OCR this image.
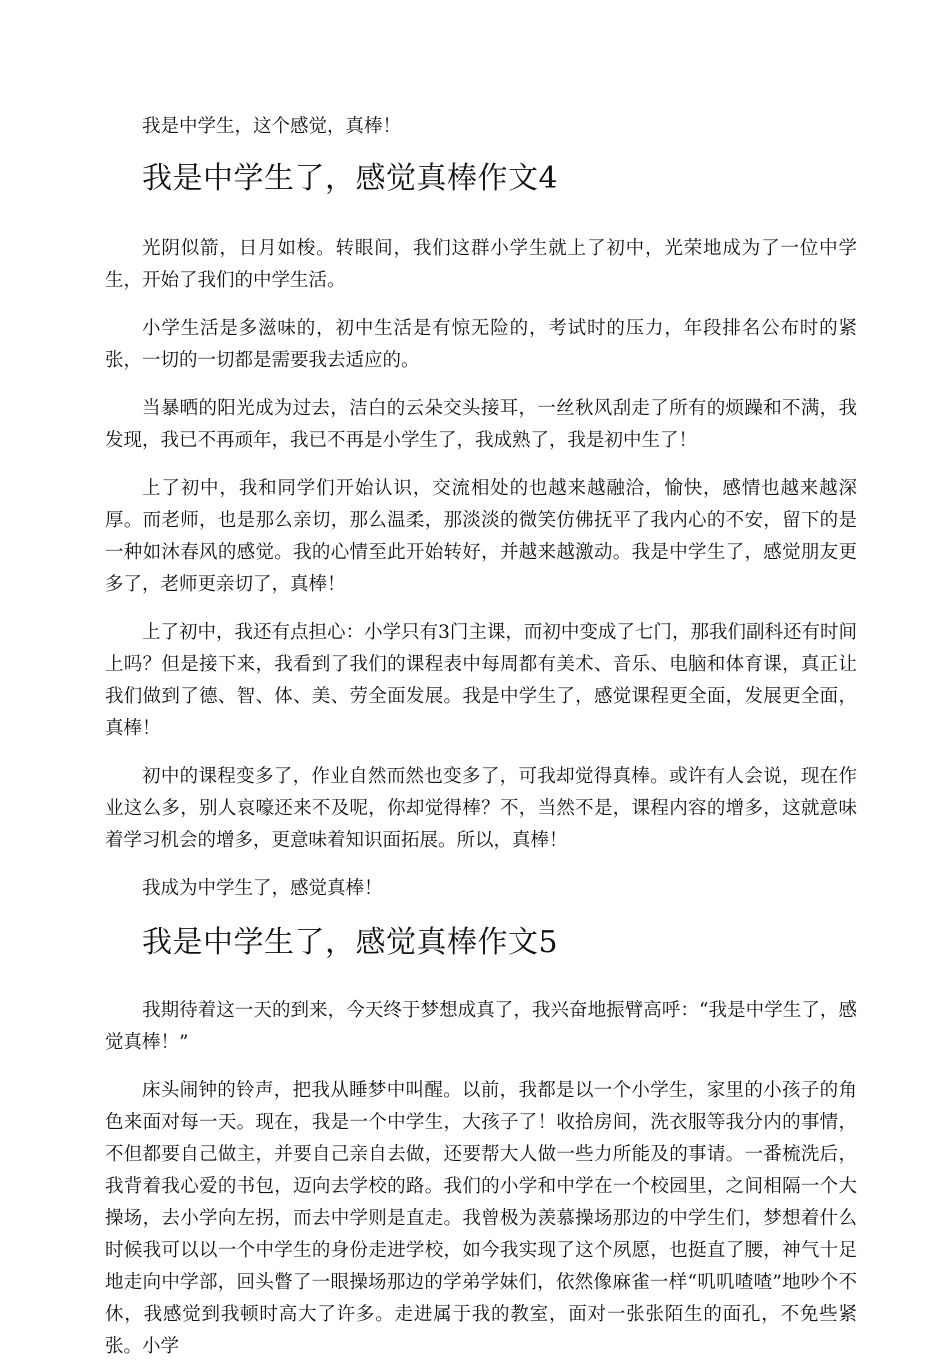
我是中学生，这个感觉，真棒！

我是中学生了，感觉真棒作文4

光阴似箭，日月如梭。转眼间，我们这群小学生就上了初中，光荣地成为了一位中学生，开始了我们的中学生活。

小学生活是多滋味的，初中生活是有惊无险的，考试时的压力，年段排名公布时的紧张，一切的一切都是需要我去适应的。

当暴晒的阳光成为过去，洁白的云朵交头接耳，一丝秋风刮走了所有的烦躁和不满，我发现，我已不再顽年，我已不再是小学生了，我成熟了，我是初中生了！

上了初中，我和同学们开始认识，交流相处的也越来越融洽，愉快，感情也越来越深厚。而老师，也是那么亲切，那么温柔，那淡淡的微笑仿佛抚平了我内心的不安，留下的是一种如沐春风的感觉。我的心情至此开始转好，并越来越激动。我是中学生了，感觉朋友更多了，老师更亲切了，真棒！

上了初中，我还有点担心：小学只有3门主课，而初中变成了七门，那我们副科还有时间上吗？但是接下来，我看到了我们的课程表中每周都有美术、音乐、电脑和体育课，真正让我们做到了德、智、体、美、劳全面发展。我是中学生了，感觉课程更全面，发展更全面，真棒！

初中的课程变多了，作业自然而然也变多了，可我却觉得真棒。或许有人会说，现在作业这么多，别人哀嚎还来不及呢，你却觉得棒？不，当然不是，课程内容的增多，这就意味着学习机会的增多，更意味着知识面拓展。所以，真棒！

我成为中学生了，感觉真棒！

我是中学生了，感觉真棒作文5

我期待着这一天的到来，今天终于梦想成真了，我兴奋地振臂高呼：“我是中学生了，感觉真棒！”

床头闹钟的铃声，把我从睡梦中叫醒。以前，我都是以一个小学生，家里的小孩子的角色来面对每一天。现在，我是一个中学生，大孩子了！收拾房间，洗衣服等我分内的事情，不但都要自己做主，并要自己亲自去做，还要帮大人做一些力所能及的事请。一番梳洗后，我背着我心爱的书包，迈向去学校的路。我们的小学和中学在一个校园里，之间相隔一个大操场，去小学向左拐，而去中学则是直走。我曾极为羡慕操场那边的中学生们，梦想着什么时候我可以以一个中学生的身份走进学校，如今我实现了这个夙愿，也挺直了腰，神气十足地走向中学部，回头瞥了一眼操场那边的学弟学妹们，依然像麻雀一样“叽叽喳喳”地吵个不休，我感觉到我顿时高大了许多。走进属于我的教室，面对一张张陌生的面孔，不免些紧张。小学
